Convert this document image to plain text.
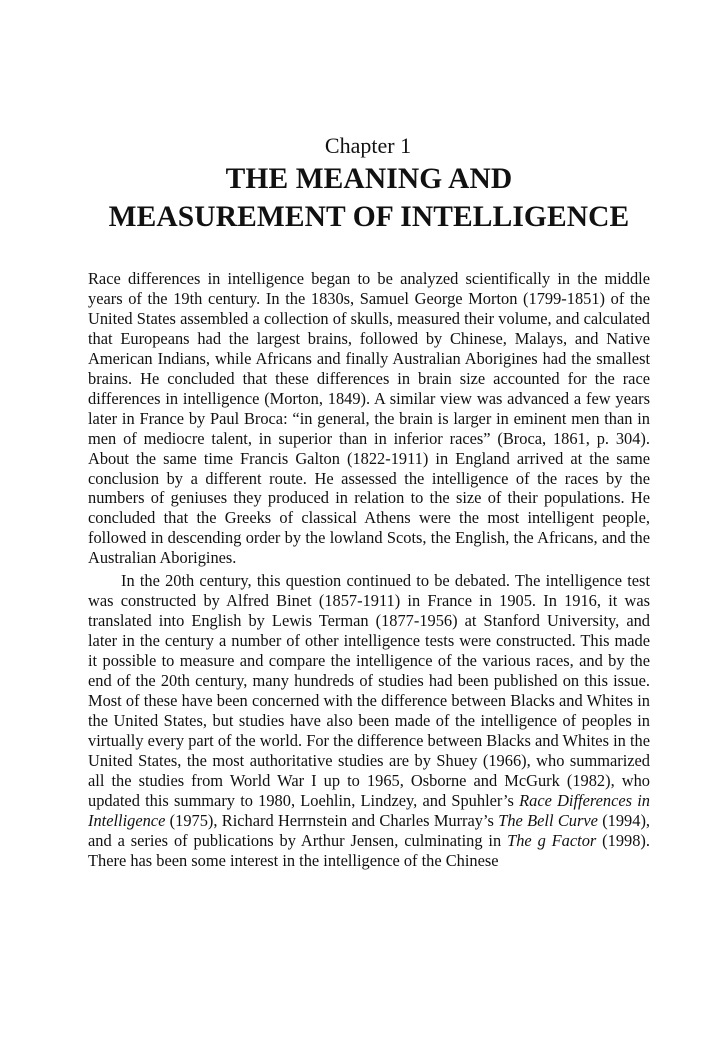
Chapter 1
THE MEANING AND
MEASUREMENT OF INTELLIGENCE

Race differences in intelligence began to be analyzed scientifically in the middle years of the 19th century. In the 1830s, Samuel George Morton (1799-1851) of the United States assembled a collection of skulls, measured their volume, and calculated that Europeans had the largest brains, followed by Chinese, Malays, and Native American Indians, while Africans and finally Australian Aborigines had the smallest brains. He concluded that these differences in brain size accounted for the race differences in intelligence (Morton, 1849). A similar view was advanced a few years later in France by Paul Broca: “in general, the brain is larger in eminent men than in men of mediocre talent, in superior than in inferior races” (Broca, 1861, p. 304). About the same time Francis Galton (1822-1911) in England arrived at the same conclusion by a different route. He assessed the intelligence of the races by the numbers of geniuses they produced in relation to the size of their populations. He concluded that the Greeks of classical Athens were the most intelligent people, followed in descending order by the lowland Scots, the English, the Africans, and the Australian Aborigines.

In the 20th century, this question continued to be debated. The intelligence test was constructed by Alfred Binet (1857-1911) in France in 1905. In 1916, it was translated into English by Lewis Terman (1877-1956) at Stanford University, and later in the century a number of other intelligence tests were constructed. This made it possible to measure and compare the intelligence of the various races, and by the end of the 20th century, many hundreds of studies had been published on this issue. Most of these have been concerned with the difference between Blacks and Whites in the United States, but studies have also been made of the intelligence of peoples in virtually every part of the world. For the difference between Blacks and Whites in the United States, the most authoritative studies are by Shuey (1966), who summarized all the studies from World War I up to 1965, Osborne and McGurk (1982), who updated this summary to 1980, Loehlin, Lindzey, and Spuhler’s Race Differences in Intelligence (1975), Richard Herrnstein and Charles Murray’s The Bell Curve (1994), and a series of publications by Arthur Jensen, culminating in The g Factor (1998). There has been some interest in the intelligence of the Chinese
